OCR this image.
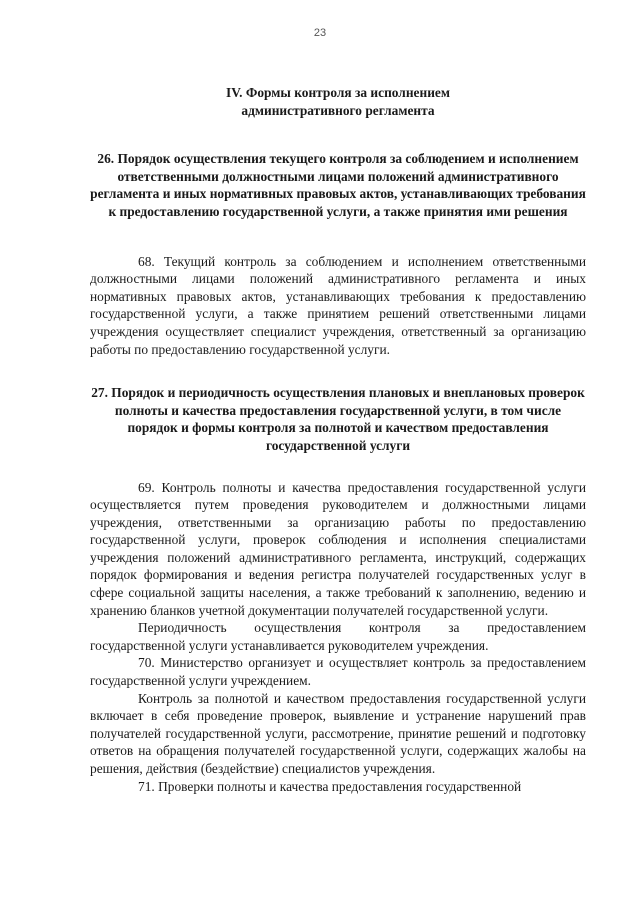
23
IV. Формы контроля за исполнением
административного регламента
26. Порядок осуществления текущего контроля за соблюдением и исполнением ответственными должностными лицами положений административного регламента и иных нормативных правовых актов, устанавливающих требования к предоставлению государственной услуги, а также принятия ими решения

68. Текущий контроль за соблюдением и исполнением ответственными должностными лицами положений административного регламента и иных нормативных правовых актов, устанавливающих требования к предоставлению государственной услуги, а также принятием решений ответственными лицами учреждения осуществляет специалист учреждения, ответственный за организацию работы по предоставлению государственной услуги.

27. Порядок и периодичность осуществления плановых и внеплановых проверок полноты и качества предоставления государственной услуги, в том числе порядок и формы контроля за полнотой и качеством предоставления государственной услуги

69. Контроль полноты и качества предоставления государственной услуги осуществляется путем проведения руководителем и должностными лицами учреждения, ответственными за организацию работы по предоставлению государственной услуги, проверок соблюдения и исполнения специалистами учреждения положений административного регламента, инструкций, содержащих порядок формирования и ведения регистра получателей государственных услуг в сфере социальной защиты населения, а также требований к заполнению, ведению и хранению бланков учетной документации получателей государственной услуги.

Периодичность осуществления контроля за предоставлением государственной услуги устанавливается руководителем учреждения.

70. Министерство организует и осуществляет контроль за предоставлением государственной услуги учреждением.

Контроль за полнотой и качеством предоставления государственной услуги включает в себя проведение проверок, выявление и устранение нарушений прав получателей государственной услуги, рассмотрение, принятие решений и подготовку ответов на обращения получателей государственной услуги, содержащих жалобы на решения, действия (бездействие) специалистов учреждения.

71. Проверки полноты и качества предоставления государственной
